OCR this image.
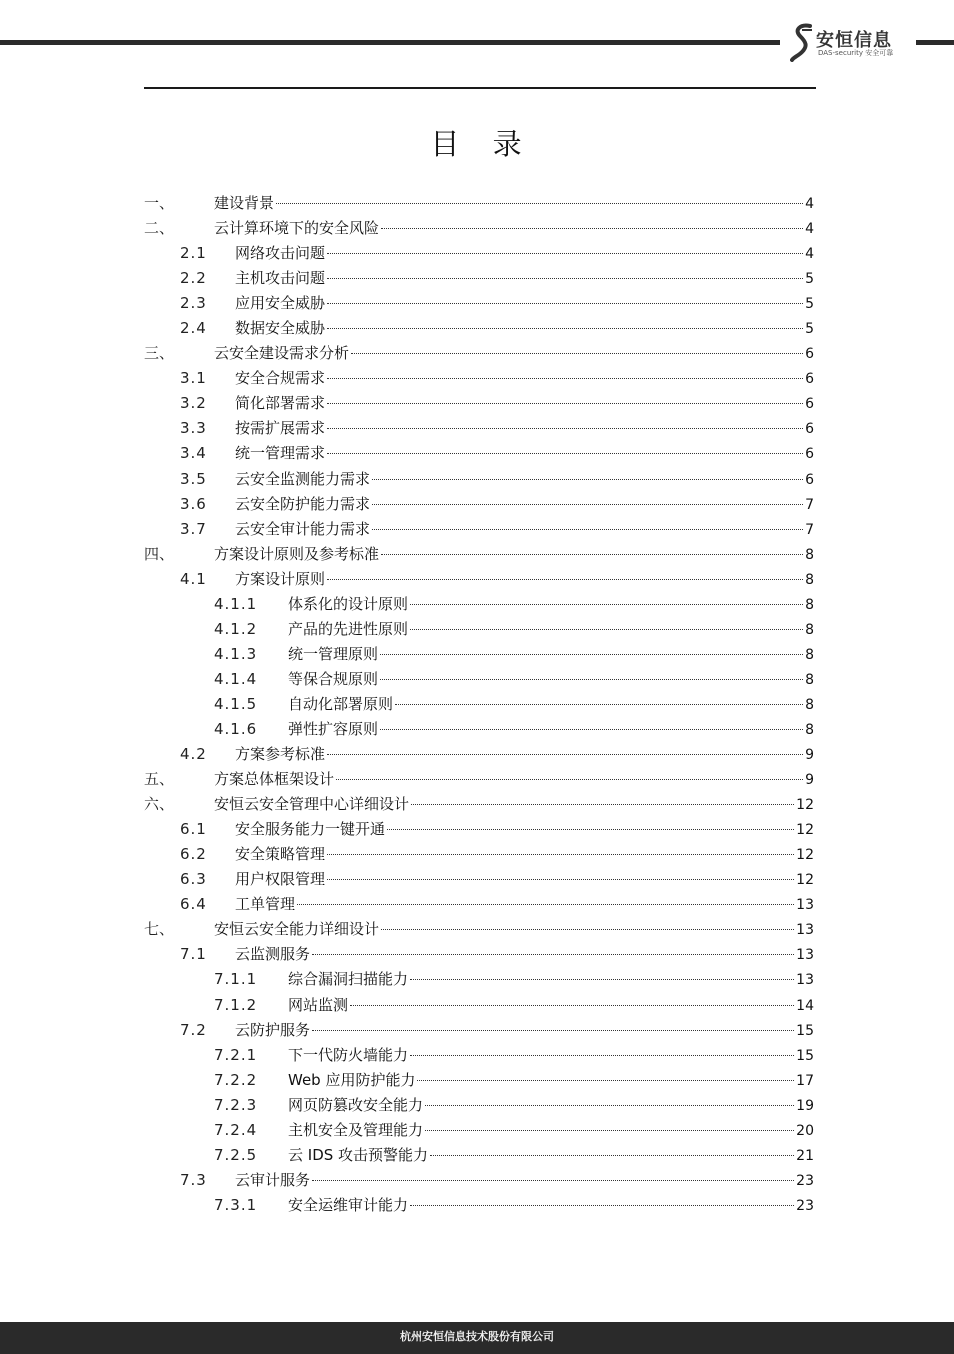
安恒信息
DAS-security 安全可靠
目 录
一、	建设背景	4
二、	云计算环境下的安全风险	4
2.1	网络攻击问题	4
2.2	主机攻击问题	5
2.3	应用安全威胁	5
2.4	数据安全威胁	5
三、	云安全建设需求分析	6
3.1	安全合规需求	6
3.2	简化部署需求	6
3.3	按需扩展需求	6
3.4	统一管理需求	6
3.5	云安全监测能力需求	6
3.6	云安全防护能力需求	7
3.7	云安全审计能力需求	7
四、	方案设计原则及参考标准	8
4.1	方案设计原则	8
4.1.1	体系化的设计原则	8
4.1.2	产品的先进性原则	8
4.1.3	统一管理原则	8
4.1.4	等保合规原则	8
4.1.5	自动化部署原则	8
4.1.6	弹性扩容原则	8
4.2	方案参考标准	9
五、	方案总体框架设计	9
六、	安恒云安全管理中心详细设计	12
6.1	安全服务能力一键开通	12
6.2	安全策略管理	12
6.3	用户权限管理	12
6.4	工单管理	13
七、	安恒云安全能力详细设计	13
7.1	云监测服务	13
7.1.1	综合漏洞扫描能力	13
7.1.2	网站监测	14
7.2	云防护服务	15
7.2.1	下一代防火墙能力	15
7.2.2	Web 应用防护能力	17
7.2.3	网页防篡改安全能力	19
7.2.4	主机安全及管理能力	20
7.2.5	云 IDS 攻击预警能力	21
7.3	云审计服务	23
7.3.1	安全运维审计能力	23
杭州安恒信息技术股份有限公司
